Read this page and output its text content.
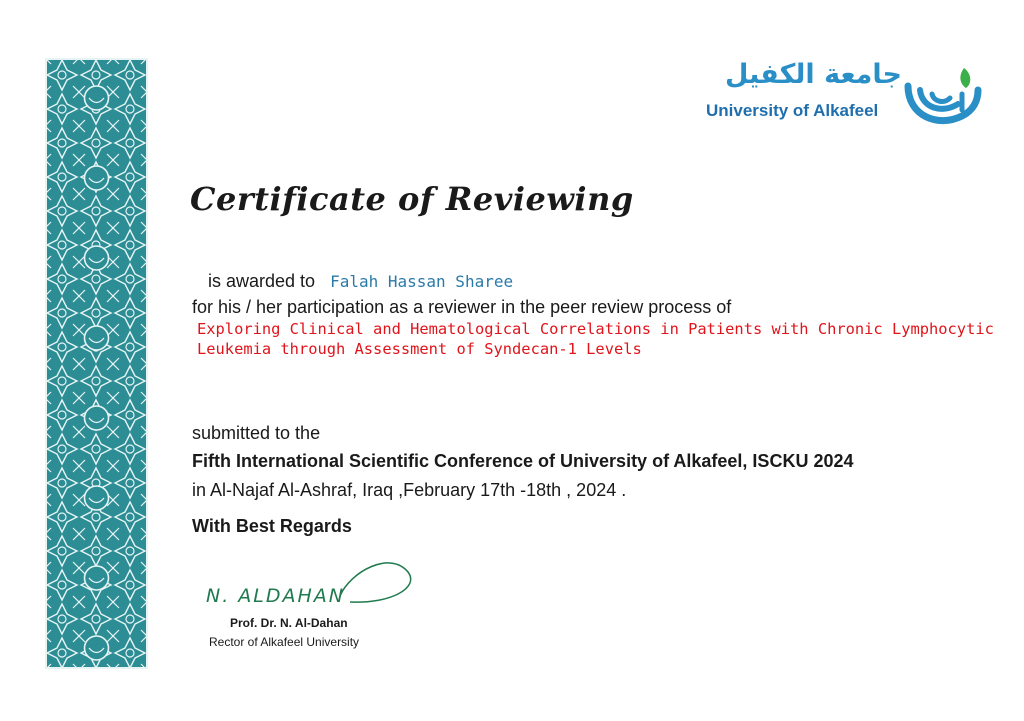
جامعة الكفيل
University of Alkafeel
Certificate of Reviewing
is awarded to Falah Hassan Sharee
for his / her participation as a reviewer in the peer review process of
Exploring Clinical and Hematological Correlations in Patients with Chronic Lymphocytic
Leukemia through Assessment of Syndecan-1 Levels
submitted to the
Fifth International Scientific Conference of University of Alkafeel, ISCKU 2024
in Al-Najaf Al-Ashraf, Iraq ,February 17th -18th , 2024 .
With Best Regards
N. ALDAHAN
Prof. Dr. N. Al-Dahan
Rector of Alkafeel University
